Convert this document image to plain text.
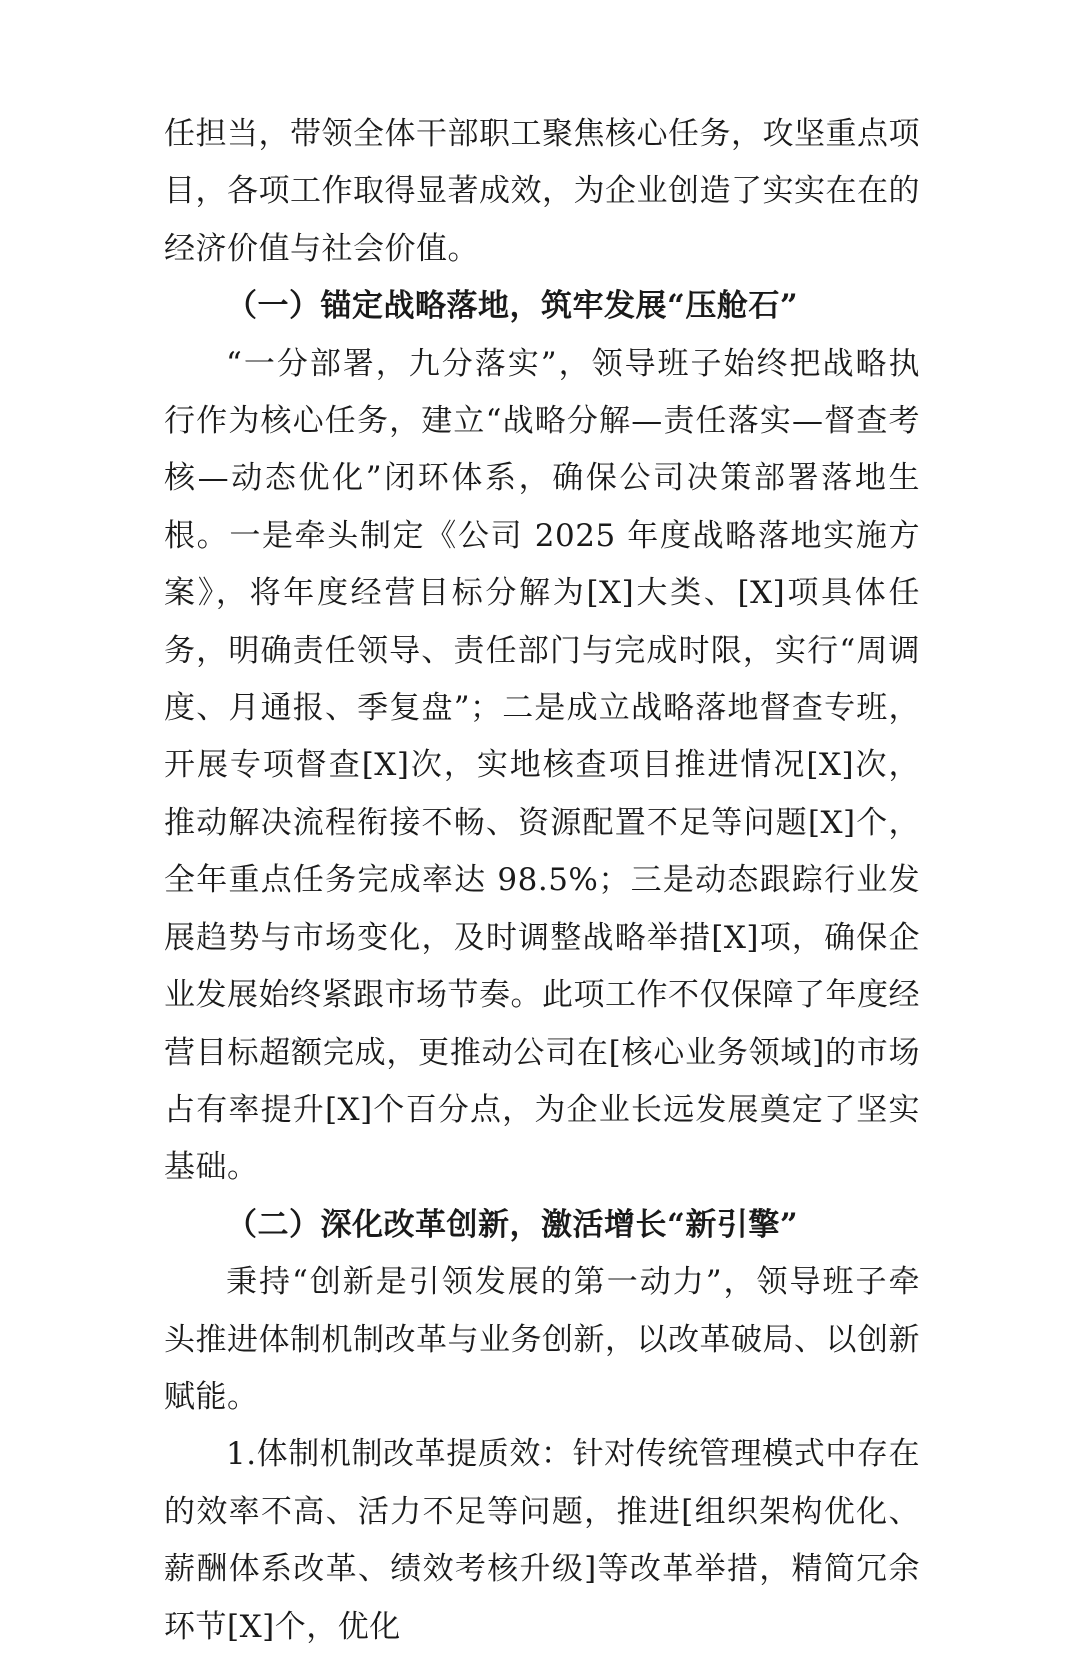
任担当，带领全体干部职工聚焦核心任务，攻坚重点项目，各项工作取得显著成效，为企业创造了实实在在的经济价值与社会价值。

（一）锚定战略落地，筑牢发展“压舱石”

“一分部署，九分落实”，领导班子始终把战略执行作为核心任务，建立“战略分解—责任落实—督查考核—动态优化”闭环体系，确保公司决策部署落地生根。一是牵头制定《公司 2025 年度战略落地实施方案》，将年度经营目标分解为[X]大类、[X]项具体任务，明确责任领导、责任部门与完成时限，实行“周调度、月通报、季复盘”；二是成立战略落地督查专班，开展专项督查[X]次，实地核查项目推进情况[X]次，推动解决流程衔接不畅、资源配置不足等问题[X]个，全年重点任务完成率达 98.5%；三是动态跟踪行业发展趋势与市场变化，及时调整战略举措[X]项，确保企业发展始终紧跟市场节奏。此项工作不仅保障了年度经营目标超额完成，更推动公司在[核心业务领域]的市场占有率提升[X]个百分点，为企业长远发展奠定了坚实基础。

（二）深化改革创新，激活增长“新引擎”

秉持“创新是引领发展的第一动力”，领导班子牵头推进体制机制改革与业务创新，以改革破局、以创新赋能。

1.体制机制改革提质效：针对传统管理模式中存在的效率不高、活力不足等问题，推进[组织架构优化、薪酬体系改革、绩效考核升级]等改革举措，精简冗余环节[X]个，优化
